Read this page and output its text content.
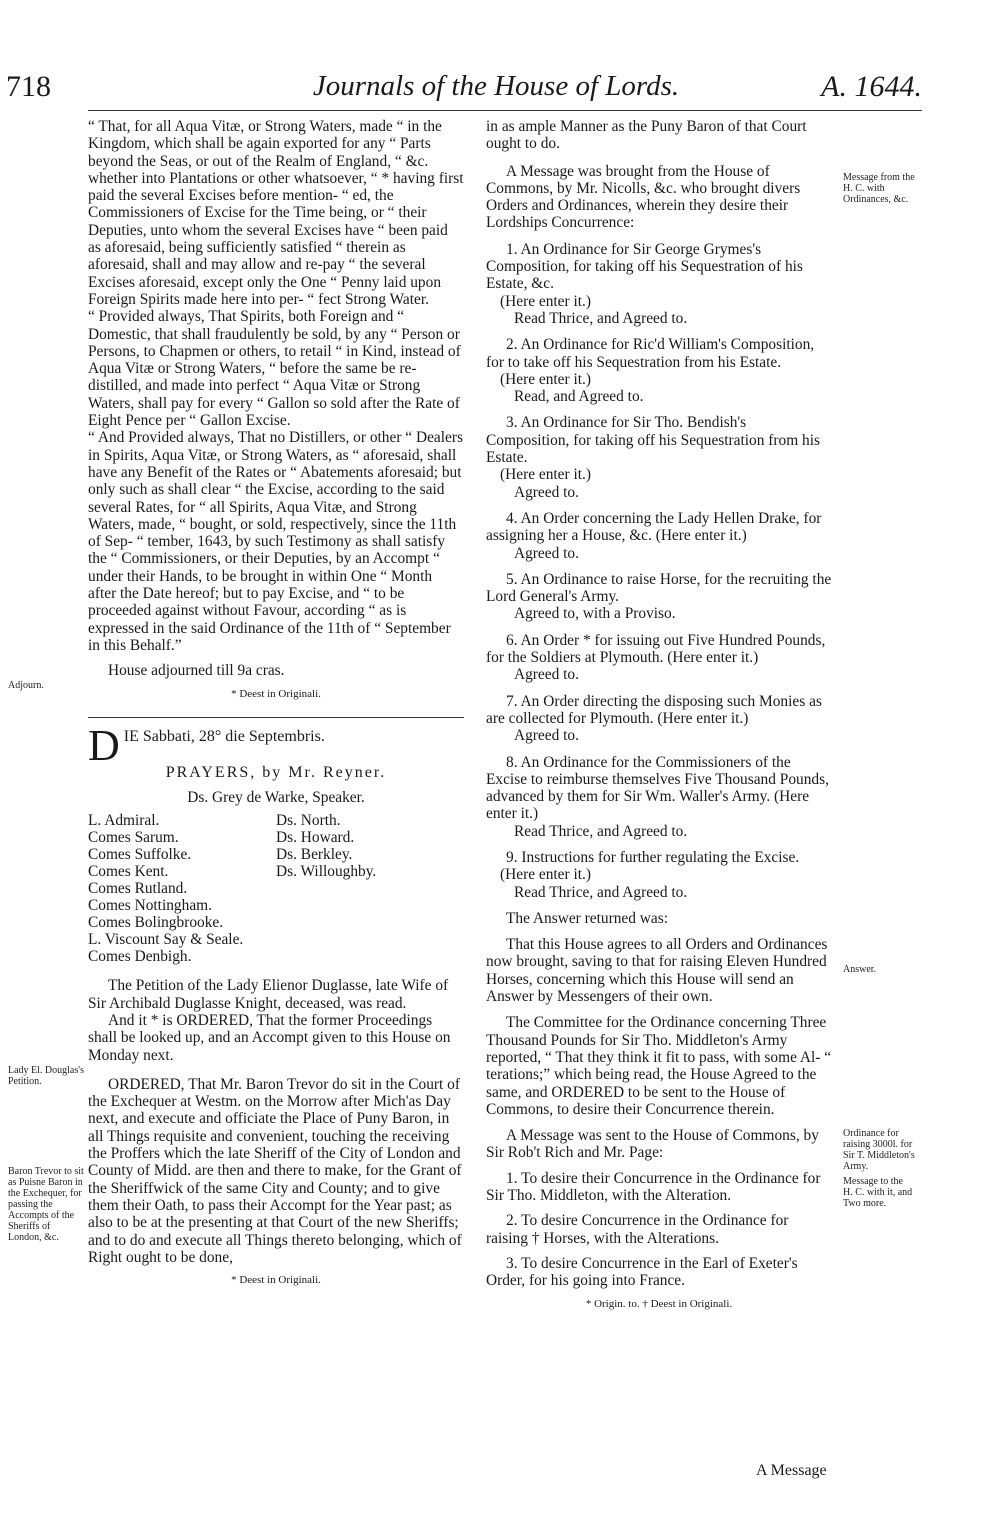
718	Journals of the House of Lords.	A. 1644.
Adjourn.
Lady El. Douglas's Petition.
Baron Trevor to sit as Puisne Baron in the Exchequer, for passing the Accompts of the Sheriffs of London, &c.
Message from the H. C. with Ordinances, &c.
Answer.
Ordinance for raising 3000l. for Sir T. Middleton's Army.
Message to the H. C. with it, and Two more.

“ That, for all Aqua Vitæ, or Strong Waters, made “ in the Kingdom, which shall be again exported for any “ Parts beyond the Seas, or out of the Realm of England, “ &c. whether into Plantations or other whatsoever, “ * having first paid the several Excises before mention- “ ed, the Commissioners of Excise for the Time being, or “ their Deputies, unto whom the several Excises have “ been paid as aforesaid, being sufficiently satisfied “ therein as aforesaid, shall and may allow and re-pay “ the several Excises aforesaid, except only the One “ Penny laid upon Foreign Spirits made here into per- “ fect Strong Water.

“ Provided always, That Spirits, both Foreign and “ Domestic, that shall fraudulently be sold, by any “ Person or Persons, to Chapmen or others, to retail “ in Kind, instead of Aqua Vitæ or Strong Waters, “ before the same be re-distilled, and made into perfect “ Aqua Vitæ or Strong Waters, shall pay for every “ Gallon so sold after the Rate of Eight Pence per “ Gallon Excise.

“ And Provided always, That no Distillers, or other “ Dealers in Spirits, Aqua Vitæ, or Strong Waters, as “ aforesaid, shall have any Benefit of the Rates or “ Abatements aforesaid; but only such as shall clear “ the Excise, according to the said several Rates, for “ all Spirits, Aqua Vitæ, and Strong Waters, made, “ bought, or sold, respectively, since the 11th of Sep- “ tember, 1643, by such Testimony as shall satisfy the “ Commissioners, or their Deputies, by an Accompt “ under their Hands, to be brought in within One “ Month after the Date hereof; but to pay Excise, and “ to be proceeded against without Favour, according “ as is expressed in the said Ordinance of the 11th of “ September in this Behalf.”

House adjourned till 9a cras.

* Deest in Originali.

D IE Sabbati, 28° die Septembris.

PRAYERS, by Mr. Reyner.

Ds. Grey de Warke, Speaker.

L. Admiral.
Comes Sarum.
Comes Suffolke.
Comes Kent.
Comes Rutland.
Comes Nottingham.
Comes Bolingbrooke.
L. Viscount Say & Seale.
Comes Denbigh.
Ds. North.
Ds. Howard.
Ds. Berkley.
Ds. Willoughby.

The Petition of the Lady Elienor Duglasse, late Wife of Sir Archibald Duglasse Knight, deceased, was read.

And it * is ORDERED, That the former Proceedings shall be looked up, and an Accompt given to this House on Monday next.

ORDERED, That Mr. Baron Trevor do sit in the Court of the Exchequer at Westm. on the Morrow after Mich'as Day next, and execute and officiate the Place of Puny Baron, in all Things requisite and convenient, touching the receiving the Proffers which the late Sheriff of the City of London and County of Midd. are then and there to make, for the Grant of the Sheriffwick of the same City and County; and to give them their Oath, to pass their Accompt for the Year past; as also to be at the presenting at that Court of the new Sheriffs; and to do and execute all Things thereto belonging, which of Right ought to be done,

* Deest in Originali.

in as ample Manner as the Puny Baron of that Court ought to do.

A Message was brought from the House of Commons, by Mr. Nicolls, &c. who brought divers Orders and Ordinances, wherein they desire their Lordships Concurrence:

1. An Ordinance for Sir George Grymes's Composition, for taking off his Sequestration of his Estate, &c.

(Here enter it.)

Read Thrice, and Agreed to.

2. An Ordinance for Ric'd William's Composition, for to take off his Sequestration from his Estate.

(Here enter it.)

Read, and Agreed to.

3. An Ordinance for Sir Tho. Bendish's Composition, for taking off his Sequestration from his Estate.

(Here enter it.)

Agreed to.

4. An Order concerning the Lady Hellen Drake, for assigning her a House, &c. (Here enter it.)

Agreed to.

5. An Ordinance to raise Horse, for the recruiting the Lord General's Army.

Agreed to, with a Proviso.

6. An Order * for issuing out Five Hundred Pounds, for the Soldiers at Plymouth. (Here enter it.)

Agreed to.

7. An Order directing the disposing such Monies as are collected for Plymouth. (Here enter it.)

Agreed to.

8. An Ordinance for the Commissioners of the Excise to reimburse themselves Five Thousand Pounds, advanced by them for Sir Wm. Waller's Army. (Here enter it.)

Read Thrice, and Agreed to.

9. Instructions for further regulating the Excise.

(Here enter it.)

Read Thrice, and Agreed to.

The Answer returned was:

That this House agrees to all Orders and Ordinances now brought, saving to that for raising Eleven Hundred Horses, concerning which this House will send an Answer by Messengers of their own.

The Committee for the Ordinance concerning Three Thousand Pounds for Sir Tho. Middleton's Army reported, “ That they think it fit to pass, with some Al- “ terations;” which being read, the House Agreed to the same, and ORDERED to be sent to the House of Commons, to desire their Concurrence therein.

A Message was sent to the House of Commons, by Sir Rob't Rich and Mr. Page:

1. To desire their Concurrence in the Ordinance for Sir Tho. Middleton, with the Alteration.

2. To desire Concurrence in the Ordinance for raising † Horses, with the Alterations.

3. To desire Concurrence in the Earl of Exeter's Order, for his going into France.

* Origin. to. † Deest in Originali.

A Message
